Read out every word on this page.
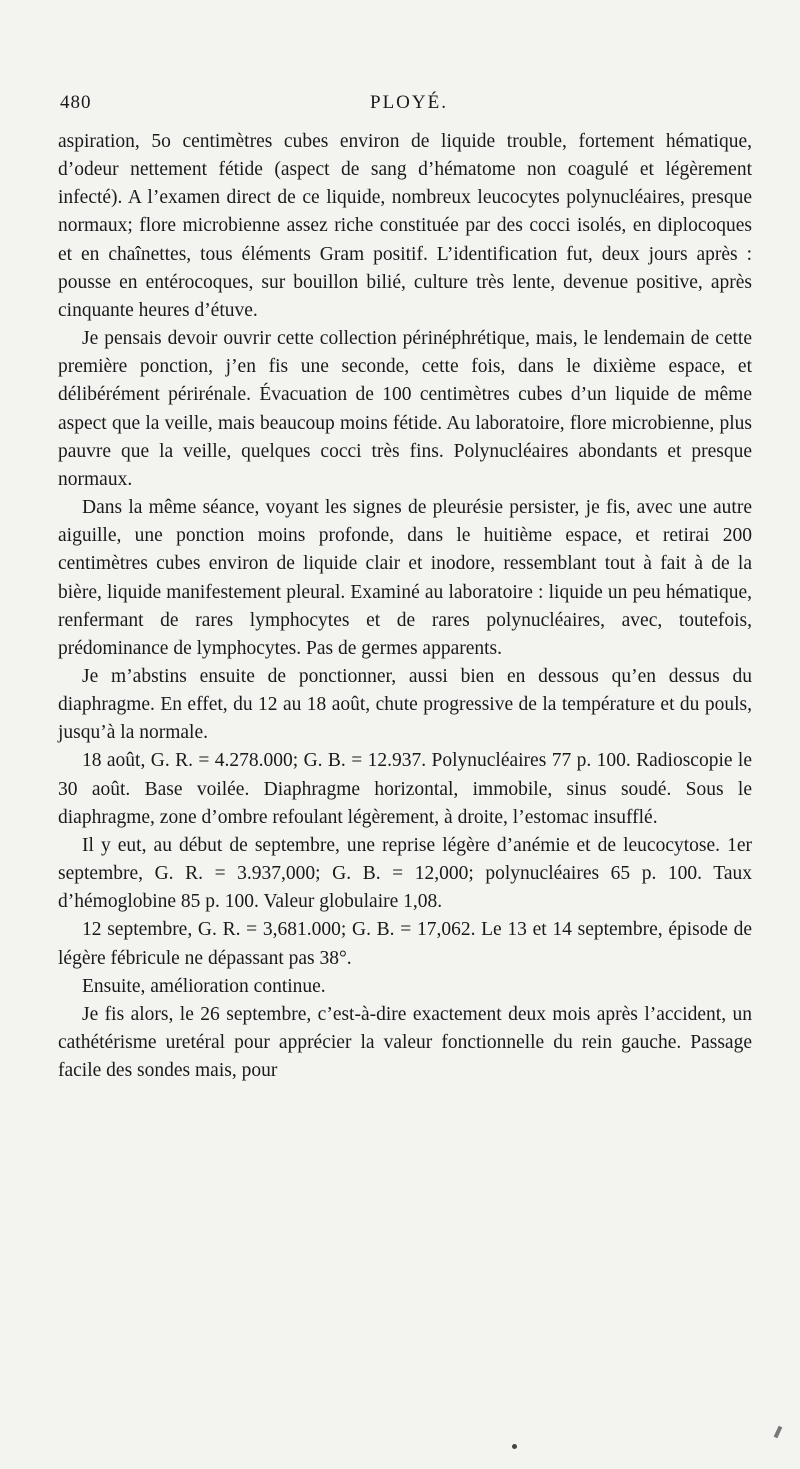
480	PLOYÉ.

aspiration, 5o centimètres cubes environ de liquide trouble, fortement hématique, d’odeur nettement fétide (aspect de sang d’hématome non coagulé et légèrement infecté). A l’examen direct de ce liquide, nombreux leucocytes polynucléaires, presque normaux; flore microbienne assez riche constituée par des cocci isolés, en diplocoques et en chaînettes, tous éléments Gram positif. L’identification fut, deux jours après : pousse en entérocoques, sur bouillon bilié, culture très lente, devenue positive, après cinquante heures d’étuve.

Je pensais devoir ouvrir cette collection périnéphrétique, mais, le lendemain de cette première ponction, j’en fis une seconde, cette fois, dans le dixième espace, et délibérément périrénale. Évacuation de 100 centimètres cubes d’un liquide de même aspect que la veille, mais beaucoup moins fétide. Au laboratoire, flore microbienne, plus pauvre que la veille, quelques cocci très fins. Polynucléaires abondants et presque normaux.

Dans la même séance, voyant les signes de pleurésie persister, je fis, avec une autre aiguille, une ponction moins profonde, dans le huitième espace, et retirai 200 centimètres cubes environ de liquide clair et inodore, ressemblant tout à fait à de la bière, liquide manifestement pleural. Examiné au laboratoire : liquide un peu hématique, renfermant de rares lymphocytes et de rares polynucléaires, avec, toutefois, prédominance de lymphocytes. Pas de germes apparents.

Je m’abstins ensuite de ponctionner, aussi bien en dessous qu’en dessus du diaphragme. En effet, du 12 au 18 août, chute progressive de la température et du pouls, jusqu’à la normale.

18 août, G. R. = 4.278.000; G. B. = 12.937. Polynucléaires 77 p. 100. Radioscopie le 30 août. Base voilée. Diaphragme horizontal, immobile, sinus soudé. Sous le diaphragme, zone d’ombre refoulant légèrement, à droite, l’estomac insufflé.

Il y eut, au début de septembre, une reprise légère d’anémie et de leucocytose. 1er septembre, G. R. = 3.937,000; G. B. = 12,000; polynucléaires 65 p. 100. Taux d’hémoglobine 85 p. 100. Valeur globulaire 1,08.

12 septembre, G. R. = 3,681.000; G. B. = 17,062. Le 13 et 14 septembre, épisode de légère fébricule ne dépassant pas 38°.

Ensuite, amélioration continue.

Je fis alors, le 26 septembre, c’est-à-dire exactement deux mois après l’accident, un cathétérisme uretéral pour apprécier la valeur fonctionnelle du rein gauche. Passage facile des sondes mais, pour
